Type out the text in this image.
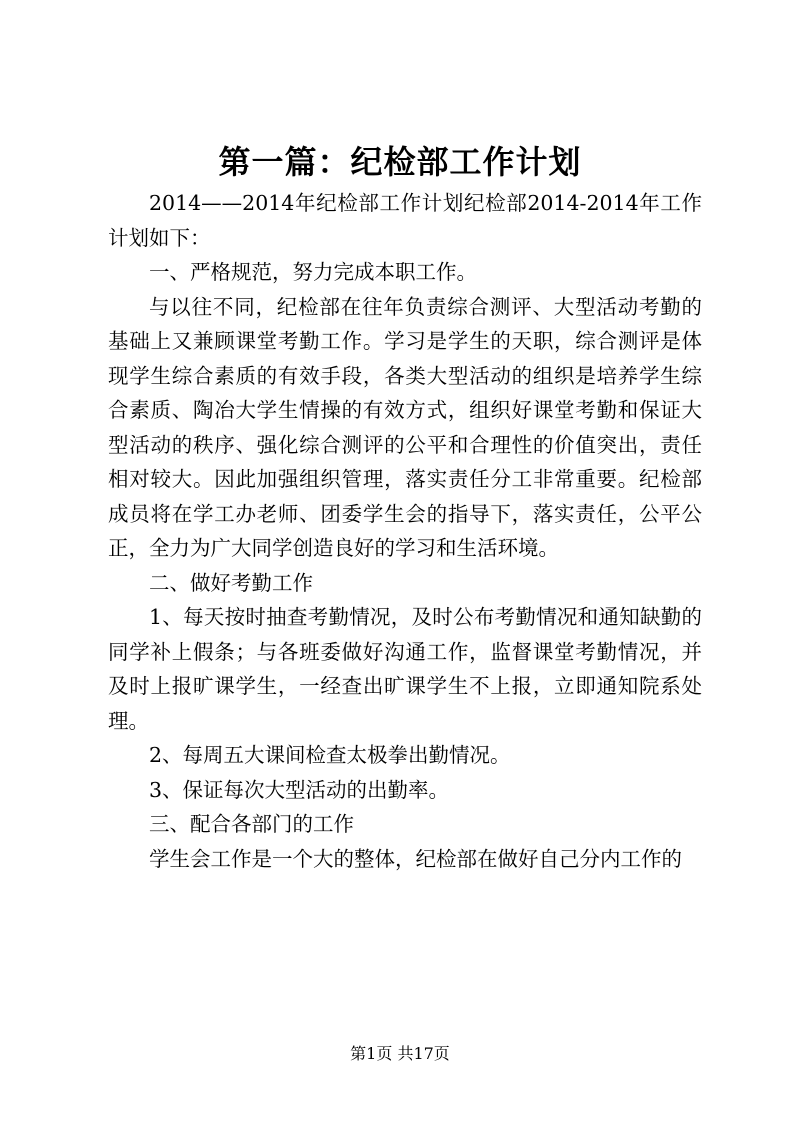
第一篇：纪检部工作计划

2014——2014年纪检部工作计划纪检部2014-2014年工作计划如下：

一、严格规范，努力完成本职工作。

与以往不同，纪检部在往年负责综合测评、大型活动考勤的基础上又兼顾课堂考勤工作。学习是学生的天职，综合测评是体现学生综合素质的有效手段，各类大型活动的组织是培养学生综合素质、陶冶大学生情操的有效方式，组织好课堂考勤和保证大型活动的秩序、强化综合测评的公平和合理性的价值突出，责任相对较大。因此加强组织管理，落实责任分工非常重要。纪检部成员将在学工办老师、团委学生会的指导下，落实责任，公平公正，全力为广大同学创造良好的学习和生活环境。

二、做好考勤工作

1、每天按时抽查考勤情况，及时公布考勤情况和通知缺勤的同学补上假条；与各班委做好沟通工作，监督课堂考勤情况，并及时上报旷课学生，一经查出旷课学生不上报，立即通知院系处理。

2、每周五大课间检查太极拳出勤情况。

3、保证每次大型活动的出勤率。

三、配合各部门的工作

学生会工作是一个大的整体，纪检部在做好自己分内工作的

第1页 共17页
